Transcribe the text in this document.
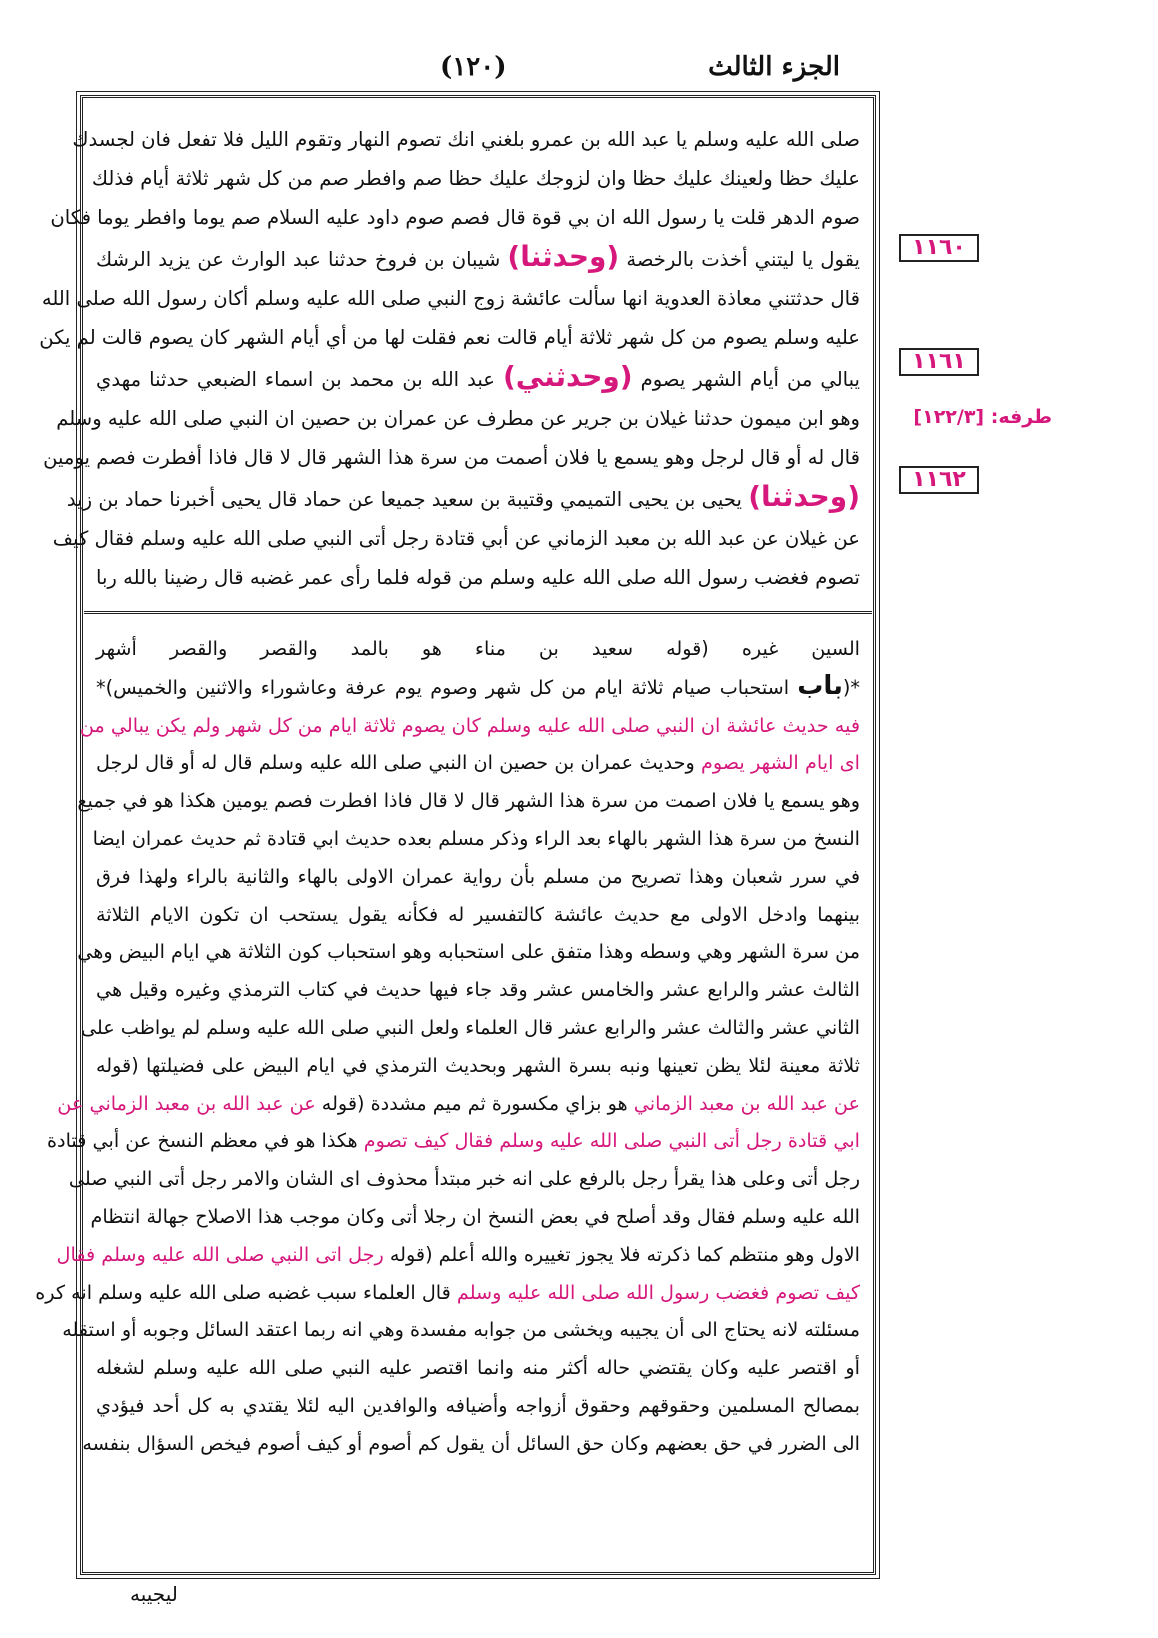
الجزء الثالث
(١٢٠)
صلى الله عليه وسلم يا عبد الله بن عمرو بلغني انك تصوم النهار وتقوم الليل فلا تفعل فان لجسدك
عليك حظا ولعينك عليك حظا وان لزوجك عليك حظا صم وافطر صم من كل شهر ثلاثة أيام فذلك
صوم الدهر قلت يا رسول الله ان بي قوة قال فصم صوم داود عليه السلام صم يوما وافطر يوما فكان
يقول يا ليتني أخذت بالرخصة (وحدثنا) شيبان بن فروخ حدثنا عبد الوارث عن يزيد الرشك
قال حدثتني معاذة العدوية انها سألت عائشة زوج النبي صلى الله عليه وسلم أكان رسول الله صلى الله
عليه وسلم يصوم من كل شهر ثلاثة أيام قالت نعم فقلت لها من أي أيام الشهر كان يصوم قالت لم يكن
يبالي من أيام الشهر يصوم (وحدثني) عبد الله بن محمد بن اسماء الضبعي حدثنا مهدي
وهو ابن ميمون حدثنا غيلان بن جرير عن مطرف عن عمران بن حصين ان النبي صلى الله عليه وسلم
قال له أو قال لرجل وهو يسمع يا فلان أصمت من سرة هذا الشهر قال لا قال فاذا أفطرت فصم يومين
(وحدثنا) يحيى بن يحيى التميمي وقتيبة بن سعيد جميعا عن حماد قال يحيى أخبرنا حماد بن زيد
عن غيلان عن عبد الله بن معبد الزماني عن أبي قتادة رجل أتى النبي صلى الله عليه وسلم فقال كيف
تصوم فغضب رسول الله صلى الله عليه وسلم من قوله فلما رأى عمر غضبه قال رضينا بالله ربا
السين غيره (قوله سعيد بن مناء هو بالمد والقصر والقصر أشهر
*(باب استحباب صيام ثلاثة ايام من كل شهر وصوم يوم عرفة وعاشوراء والاثنين والخميس)*
فيه حديث عائشة ان النبي صلى الله عليه وسلم كان يصوم ثلاثة ايام من كل شهر ولم يكن يبالي من
اى ايام الشهر يصوم وحديث عمران بن حصين ان النبي صلى الله عليه وسلم قال له أو قال لرجل
وهو يسمع يا فلان اصمت من سرة هذا الشهر قال لا قال فاذا افطرت فصم يومين هكذا هو في جميع
النسخ من سرة هذا الشهر بالهاء بعد الراء وذكر مسلم بعده حديث ابي قتادة ثم حديث عمران ايضا
في سرر شعبان وهذا تصريح من مسلم بأن رواية عمران الاولى بالهاء والثانية بالراء ولهذا فرق
بينهما وادخل الاولى مع حديث عائشة كالتفسير له فكأنه يقول يستحب ان تكون الايام الثلاثة
من سرة الشهر وهي وسطه وهذا متفق على استحبابه وهو استحباب كون الثلاثة هي ايام البيض وهي
الثالث عشر والرابع عشر والخامس عشر وقد جاء فيها حديث في كتاب الترمذي وغيره وقيل هي
الثاني عشر والثالث عشر والرابع عشر قال العلماء ولعل النبي صلى الله عليه وسلم لم يواظب على
ثلاثة معينة لئلا يظن تعينها ونبه بسرة الشهر وبحديث الترمذي في ايام البيض على فضيلتها (قوله
عن عبد الله بن معبد الزماني هو بزاي مكسورة ثم ميم مشددة (قوله عن عبد الله بن معبد الزماني عن
ابي قتادة رجل أتى النبي صلى الله عليه وسلم فقال كيف تصوم هكذا هو في معظم النسخ عن أبي قتادة
رجل أتى وعلى هذا يقرأ رجل بالرفع على انه خبر مبتدأ محذوف اى الشان والامر رجل أتى النبي صلى
الله عليه وسلم فقال وقد أصلح في بعض النسخ ان رجلا أتى وكان موجب هذا الاصلاح جهالة انتظام
الاول وهو منتظم كما ذكرته فلا يجوز تغييره والله أعلم (قوله رجل اتى النبي صلى الله عليه وسلم فقال
كيف تصوم فغضب رسول الله صلى الله عليه وسلم قال العلماء سبب غضبه صلى الله عليه وسلم انه كره
مسئلته لانه يحتاج الى أن يجيبه ويخشى من جوابه مفسدة وهي انه ربما اعتقد السائل وجوبه أو استقله
أو اقتصر عليه وكان يقتضي حاله أكثر منه وانما اقتصر عليه النبي صلى الله عليه وسلم لشغله
بمصالح المسلمين وحقوقهم وحقوق أزواجه وأضيافه والوافدين اليه لئلا يقتدي به كل أحد فيؤدي
الى الضرر في حق بعضهم وكان حق السائل أن يقول كم أصوم أو كيف أصوم فيخص السؤال بنفسه
١١٦٠
١١٦١
طرفه: [١٢٢/٣]
١١٦٢
ليجيبه
